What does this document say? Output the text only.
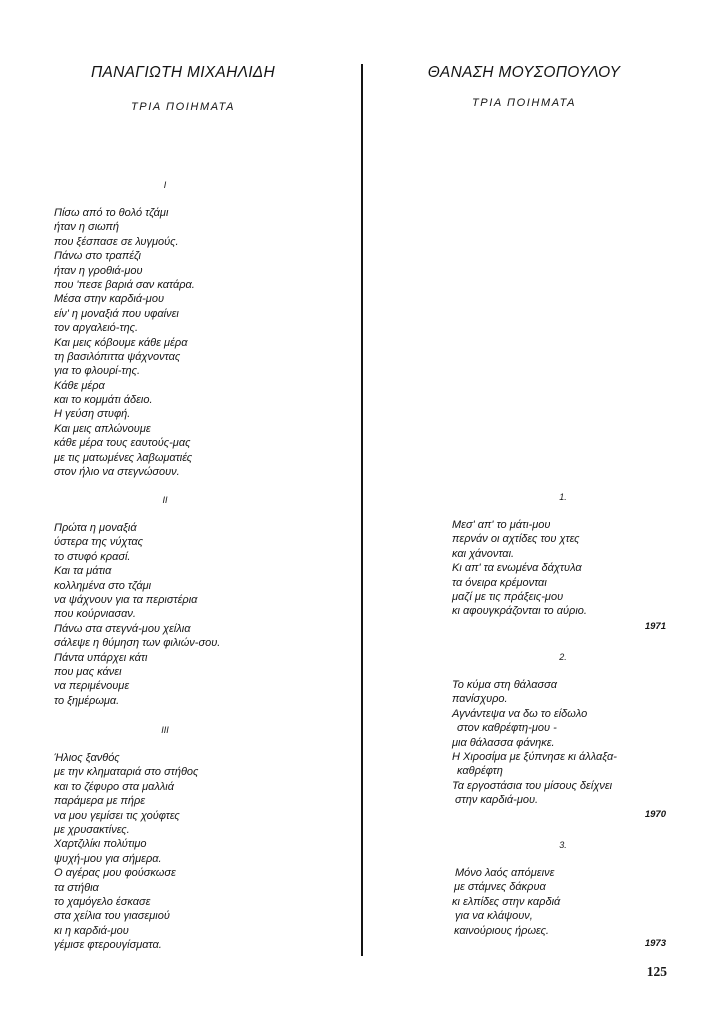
ΠΑΝΑΓΙΩΤΗ ΜΙΧΑΗΛΙΔΗ
ΤΡΙΑ ΠΟΙΗΜΑΤΑ
I
Πίσω από το θολό τζάμι
ήταν η σιωπή
που ξέσπασε σε λυγμούς.
Πάνω στο τραπέζι
ήταν η γροθιά-μου
που 'πεσε βαριά σαν κατάρα.
Μέσα στην καρδιά-μου
είν' η μοναξιά που υφαίνει
τον αργαλειό-της.
Και μεις κόβουμε κάθε μέρα
τη βασιλόπιττα ψάχνοντας
για το φλουρί-της.
Κάθε μέρα
και το κομμάτι άδειο.
Η γεύση στυφή.
Και μεις απλώνουμε
κάθε μέρα τους εαυτούς-μας
με τις ματωμένες λαβωματιές
στον ήλιο να στεγνώσουν.
II
Πρώτα η μοναξιά
ύστερα της νύχτας
το στυφό κρασί.
Και τα μάτια
κολλημένα στο τζάμι
να ψάχνουν για τα περιστέρια
που κούρνιασαν.
Πάνω στα στεγνά-μου χείλια
σάλεψε η θύμηση των φιλιών-σου.
Πάντα υπάρχει κάτι
που μας κάνει
να περιμένουμε
το ξημέρωμα.
III
Ήλιος ξανθός
με την κληματαριά στο στήθος
και το ζέφυρο στα μαλλιά
παράμερα με πήρε
να μου γεμίσει τις χούφτες
με χρυσακτίνες.
Χαρτζιλίκι πολύτιμο
ψυχή-μου για σήμερα.
Ο αγέρας μου φούσκωσε
τα στήθια
το χαμόγελο έσκασε
στα χείλια του γιασεμιού
κι η καρδιά-μου
γέμισε φτερουγίσματα.
ΘΑΝΑΣΗ ΜΟΥΣΟΠΟΥΛΟΥ
ΤΡΙΑ ΠΟΙΗΜΑΤΑ
1.
Μεσ' απ' το μάτι-μου
περνάν οι αχτίδες του χτες
και χάνονται.
Κι απ' τα ενωμένα δάχτυλα
τα όνειρα κρέμονται
μαζί με τις πράξεις-μου
κι αφουγκράζονται το αύριο.
1971
2.
Το κύμα στη θάλασσα
πανίσχυρο.
Αγνάντεψα να δω το είδωλο
στον καθρέφτη-μου -
μια θάλασσα φάνηκε.
Η Χιροσίμα με ξύπνησε κι άλλαξα-
καθρέφτη
Τα εργοστάσια του μίσους δείχνει
στην καρδιά-μου.
1970
3.
Μόνο λαός απόμεινε
με στάμνες δάκρυα
κι ελπίδες στην καρδιά
για να κλάψουν,
καινούριους ήρωες.
1973
125
